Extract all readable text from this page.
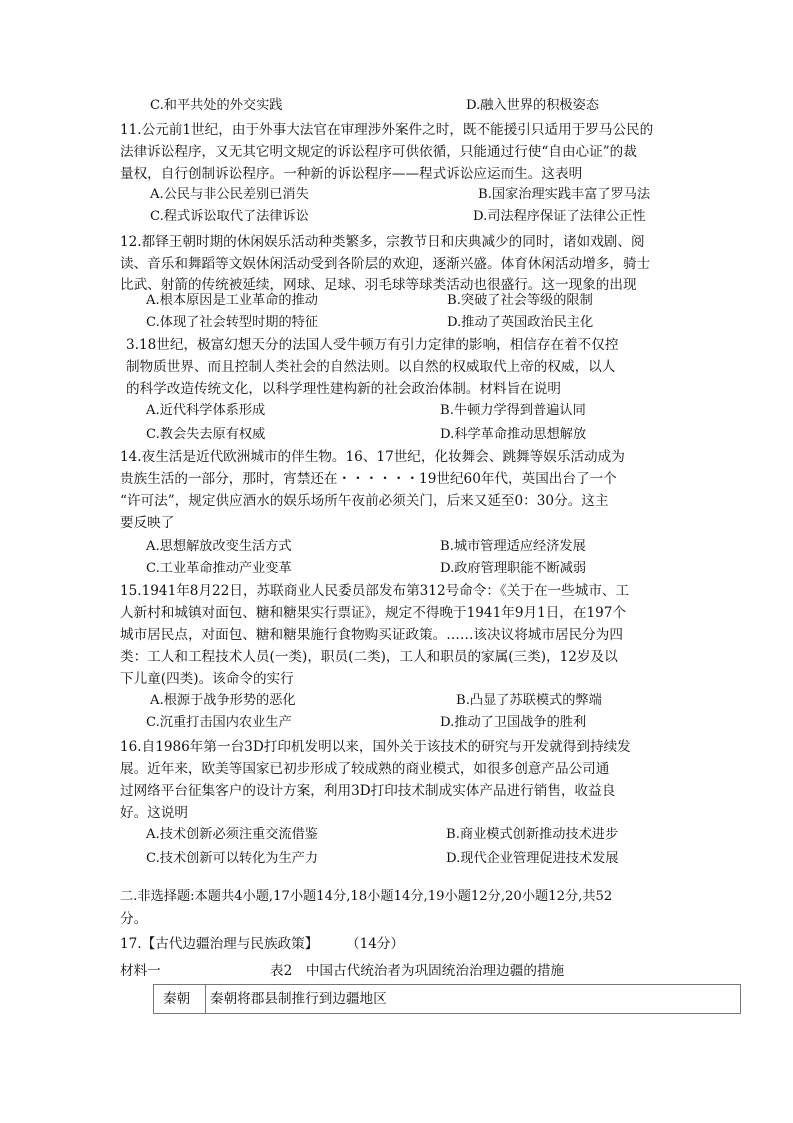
C.和平共处的外交实践	D.融入世界的积极姿态
11.公元前1世纪，由于外事大法官在审理涉外案件之时，既不能援引只适用于罗马公民的
法律诉讼程序，又无其它明文规定的诉讼程序可供依循，只能通过行使“自由心证”的裁
量权，自行创制诉讼程序。一种新的诉讼程序——程式诉讼应运而生。这表明
A.公民与非公民差别已消失	B.国家治理实践丰富了罗马法
C.程式诉讼取代了法律诉讼	D.司法程序保证了法律公正性
12.都铎王朝时期的休闲娱乐活动种类繁多，宗教节日和庆典减少的同时，诸如戏剧、阅
读、音乐和舞蹈等文娱休闲活动受到各阶层的欢迎，逐渐兴盛。体育休闲活动增多，骑士
比武、射箭的传统被延续，网球、足球、羽毛球等球类活动也很盛行。这一现象的出现
A.根本原因是工业革命的推动	B.突破了社会等级的限制
C.体现了社会转型时期的特征	D.推动了英国政治民主化
3.18世纪，极富幻想天分的法国人受牛顿万有引力定律的影响，相信存在着不仅控
制物质世界、而且控制人类社会的自然法则。以自然的权威取代上帝的权威，以人
的科学改造传统文化，以科学理性建构新的社会政治体制。材料旨在说明
A.近代科学体系形成	B.牛顿力学得到普遍认同
C.教会失去原有权威	D.科学革命推动思想解放
14.夜生活是近代欧洲城市的伴生物。16、17世纪，化妆舞会、跳舞等娱乐活动成为
贵族生活的一部分，那时，宵禁还在・・・・・・19世纪60年代，英国出台了一个
“许可法”，规定供应酒水的娱乐场所午夜前必须关门，后来又延至0：30分。这主
要反映了
A.思想解放改变生活方式	B.城市管理适应经济发展
C.工业革命推动产业变革	D.政府管理职能不断减弱
15.1941年8月22日，苏联商业人民委员部发布第312号命令：《关于在一些城市、工
人新村和城镇对面包、糖和糖果实行票证》，规定不得晚于1941年9月1日，在197个
城市居民点，对面包、糖和糖果施行食物购买证政策。……该决议将城市居民分为四
类：工人和工程技术人员(一类)，职员(二类)，工人和职员的家属(三类)，12岁及以
下儿童(四类)。该命令的实行
A.根源于战争形势的恶化	B.凸显了苏联模式的弊端
C.沉重打击国内农业生产	D.推动了卫国战争的胜利
16.自1986年第一台3D打印机发明以来，国外关于该技术的研究与开发就得到持续发
展。近年来，欧美等国家已初步形成了较成熟的商业模式，如很多创意产品公司通
过网络平台征集客户的设计方案，利用3D打印技术制成实体产品进行销售，收益良
好。这说明
A.技术创新必须注重交流借鉴	B.商业模式创新推动技术进步
C.技术创新可以转化为生产力	D.现代企业管理促进技术发展
二.非选择题:本题共4小题,17小题14分,18小题14分,19小题12分,20小题12分,共52
分。
17.【古代边疆治理与民族政策】 （14分）
材料一	表2　中国古代统治者为巩固统治治理边疆的措施
秦朝 秦朝将郡县制推行到边疆地区
